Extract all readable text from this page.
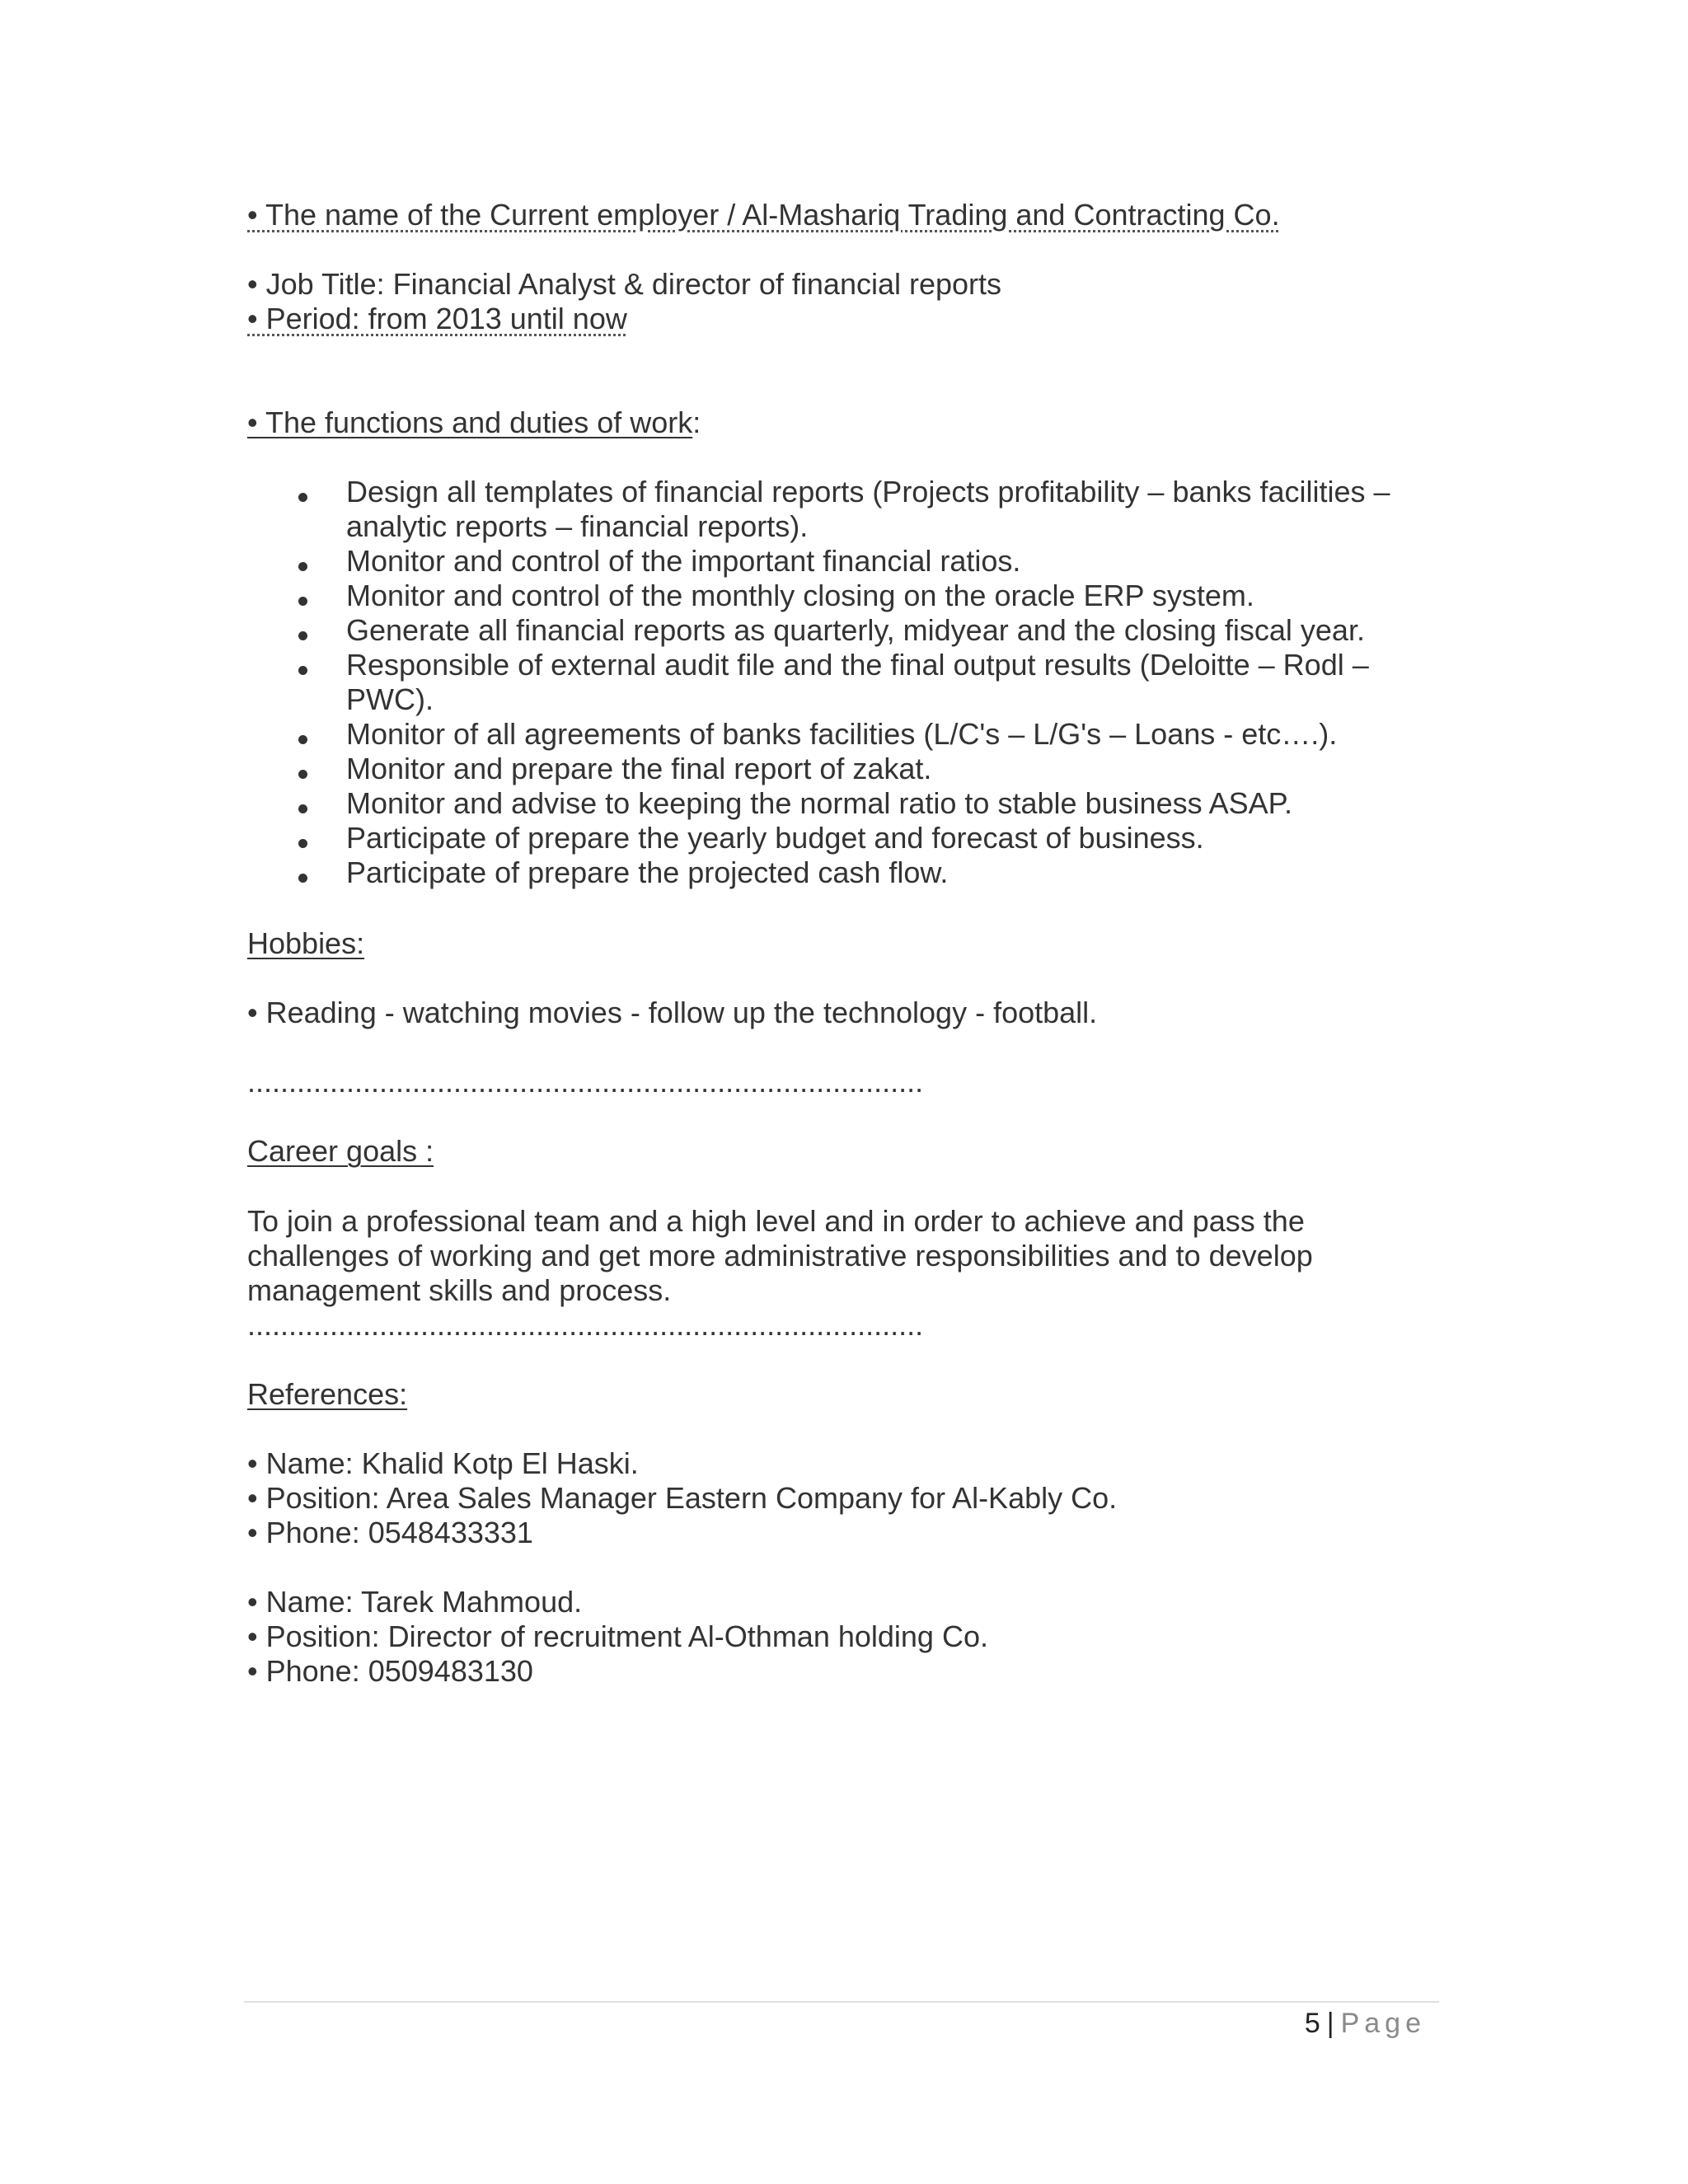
• The name of the Current employer / Al-Mashariq Trading and Contracting Co.
• Job Title: Financial Analyst & director of financial reports
• Period: from 2013 until now
• The functions and duties of work:
Design all templates of financial reports (Projects profitability – banks facilities – analytic reports – financial reports).
Monitor and control of the important financial ratios.
Monitor and control of the monthly closing on the oracle ERP system.
Generate all financial reports as quarterly, midyear and the closing fiscal year.
Responsible of external audit file and the final output results (Deloitte – Rodl – PWC).
Monitor of all agreements of banks facilities (L/C's – L/G's – Loans - etc….).
Monitor and prepare the final report of zakat.
Monitor and advise to keeping the normal ratio to stable business ASAP.
Participate of prepare the yearly budget and forecast of business.
Participate of prepare the projected cash flow.
Hobbies:
• Reading - watching movies - follow up the technology - football.
..................................................................................
Career goals :
To join a professional team and a high level and in order to achieve and pass the
challenges of working and get more administrative responsibilities and to develop
management skills and process.
..................................................................................
References:
• Name: Khalid Kotp El Haski.
• Position: Area Sales Manager Eastern Company for Al-Kably Co.
• Phone: 0548433331
• Name: Tarek Mahmoud.
• Position: Director of recruitment Al-Othman holding Co.
• Phone: 0509483130
5 | Page
